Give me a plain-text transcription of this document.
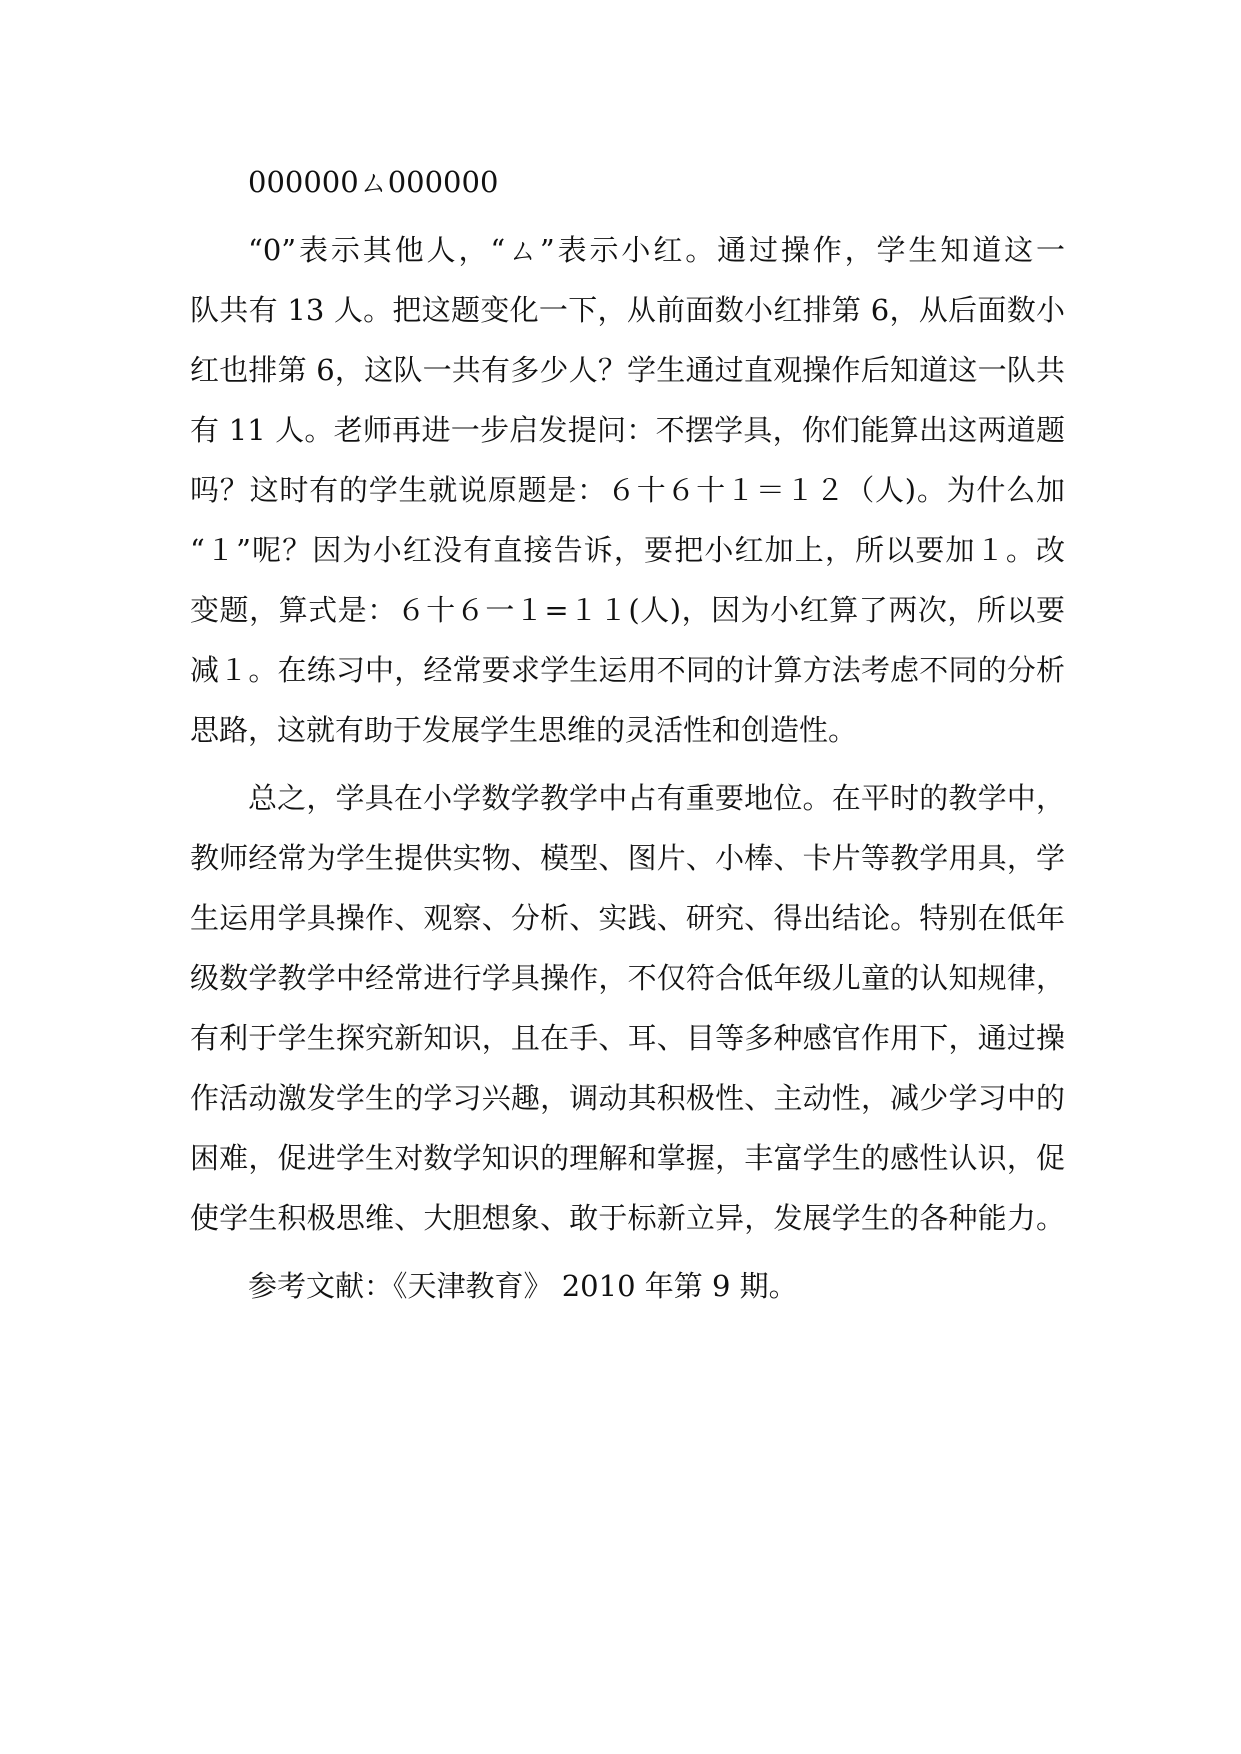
000000ㄙ000000
“0”表示其他人，“ㄙ”表示小红。通过操作，学生知道这一
队共有 13 人。把这题变化一下，从前面数小红排第 6，从后面数小
红也排第 6，这队一共有多少人？学生通过直观操作后知道这一队共
有 11 人。老师再进一步启发提问：不摆学具，你们能算出这两道题
吗？这时有的学生就说原题是：６十６十１＝１２（人)。为什么加
“１”呢？因为小红没有直接告诉，要把小红加上，所以要加１。改
变题，算式是：６十６一１=１１(人)，因为小红算了两次，所以要
减１。在练习中，经常要求学生运用不同的计算方法考虑不同的分析
思路，这就有助于发展学生思维的灵活性和创造性。
总之，学具在小学数学教学中占有重要地位。在平时的教学中，
教师经常为学生提供实物、模型、图片、小棒、卡片等教学用具，学
生运用学具操作、观察、分析、实践、研究、得出结论。特别在低年
级数学教学中经常进行学具操作，不仅符合低年级儿童的认知规律，
有利于学生探究新知识，且在手、耳、目等多种感官作用下，通过操
作活动激发学生的学习兴趣，调动其积极性、主动性，减少学习中的
困难，促进学生对数学知识的理解和掌握，丰富学生的感性认识，促
使学生积极思维、大胆想象、敢于标新立异，发展学生的各种能力。
参考文献：《天津教育》 2010 年第 9 期。
